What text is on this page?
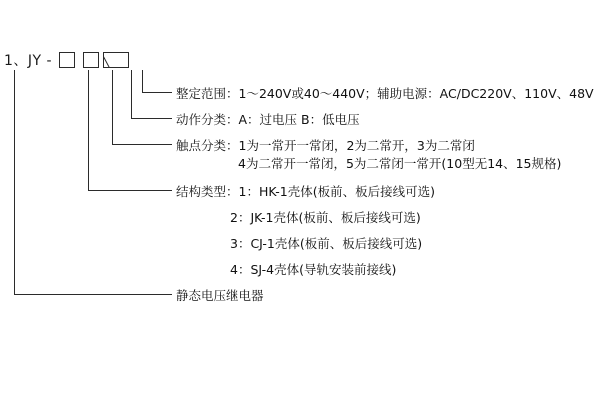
1、JY -
整定范围：1～240V或40～440V；辅助电源：AC/DC220V、110V、48V
动作分类：A：过电压 B：低电压
触点分类：1为一常开一常闭，2为二常开，3为二常闭
4为二常开一常闭，5为二常闭一常开(10型无14、15规格)
结构类型：1：HK-1壳体(板前、板后接线可选)
2：JK-1壳体(板前、板后接线可选)
3：CJ-1壳体(板前、板后接线可选)
4：SJ-4壳体(导轨安装前接线)
静态电压继电器
